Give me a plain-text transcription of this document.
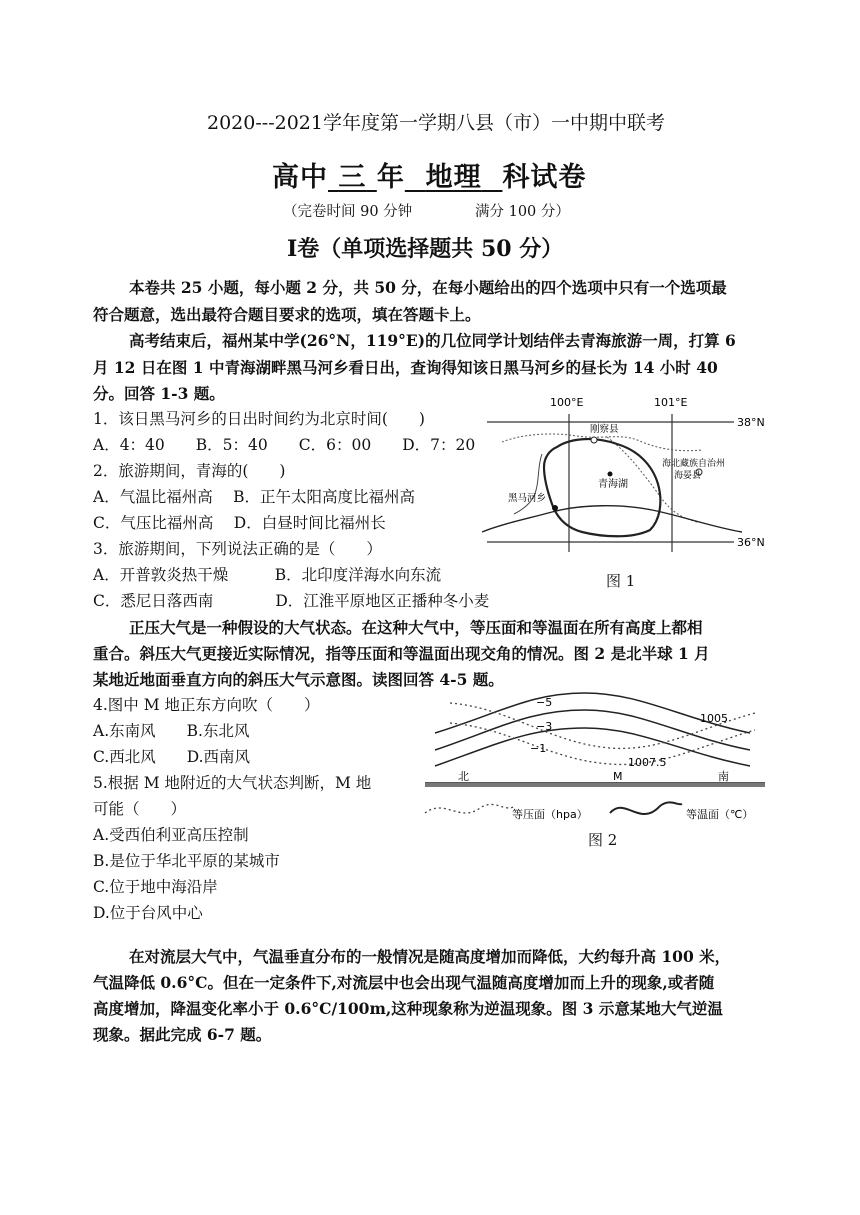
2020---2021学年度第一学期八县（市）一中期中联考
高中 三 年 地理 科试卷
（完卷时间 90 分钟	满分 100 分）
Ⅰ卷（单项选择题共 50 分）
本卷共 25 小题，每小题 2 分，共 50 分，在每小题给出的四个选项中只有一个选项最
符合题意，选出最符合题目要求的选项，填在答题卡上。
高考结束后，福州某中学(26°N，119°E)的几位同学计划结伴去青海旅游一周，打算 6
月 12 日在图 1 中青海湖畔黑马河乡看日出，查询得知该日黑马河乡的昼长为 14 小时 40
分。回答 1-3 题。
1．该日黑马河乡的日出时间约为北京时间(　　)
A．4：40　　B．5：40　　C．6：00　　D．7：20
2．旅游期间，青海的(　　)
A．气温比福州高　 B．正午太阳高度比福州高
C．气压比福州高　 D．白昼时间比福州长
3．旅游期间，下列说法正确的是（　　）
A．开普敦炎热干燥　　　B．北印度洋海水向东流
C．悉尼日落西南　　　　D．江淮平原地区正播种冬小麦
100°E	101°E
38°N
36°N
刚察县
海北藏族自治州
海晏县
青海湖
黑马河乡
图 1
正压大气是一种假设的大气状态。在这种大气中，等压面和等温面在所有高度上都相
重合。斜压大气更接近实际情况，指等压面和等温面出现交角的情况。图 2 是北半球 1 月
某地近地面垂直方向的斜压大气示意图。读图回答 4-5 题。
4.图中 M 地正东方向吹（　　）
A.东南风　　B.东北风
C.西北风　　D.西南风
5.根据 M 地附近的大气状态判断，M 地
可能（　　）
A.受西伯利亚高压控制
B.是位于华北平原的某城市
C.位于地中海沿岸
D.位于台风中心
−5
−3
−1
1005
1007.5
北	M	南
等压面（hpa）	等温面（℃）
图 2
在对流层大气中，气温垂直分布的一般情况是随高度增加而降低，大约每升高 100 米，
气温降低 0.6°C。但在一定条件下,对流层中也会出现气温随高度增加而上升的现象,或者随
高度增加，降温变化率小于 0.6°C/100m,这种现象称为逆温现象。图 3 示意某地大气逆温
现象。据此完成 6-7 题。
